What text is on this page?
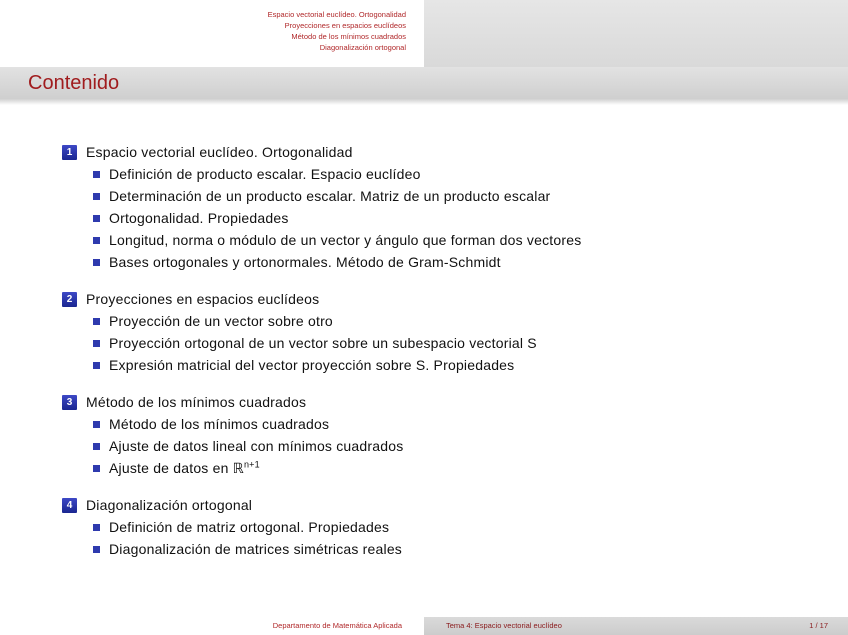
Espacio vectorial euclídeo. Ortogonalidad
Proyecciones en espacios euclídeos
Método de los mínimos cuadrados
Diagonalización ortogonal
Contenido
1 Espacio vectorial euclídeo. Ortogonalidad
Definición de producto escalar. Espacio euclídeo
Determinación de un producto escalar. Matriz de un producto escalar
Ortogonalidad. Propiedades
Longitud, norma o módulo de un vector y ángulo que forman dos vectores
Bases ortogonales y ortonormales. Método de Gram-Schmidt
2 Proyecciones en espacios euclídeos
Proyección de un vector sobre otro
Proyección ortogonal de un vector sobre un subespacio vectorial S
Expresión matricial del vector proyección sobre S. Propiedades
3 Método de los mínimos cuadrados
Método de los mínimos cuadrados
Ajuste de datos lineal con mínimos cuadrados
Ajuste de datos en ℝ$^{n+1}$
4 Diagonalización ortogonal
Definición de matriz ortogonal. Propiedades
Diagonalización de matrices simétricas reales
Departamento de Matemática Aplicada	Tema 4: Espacio vectorial euclídeo	1 / 17
